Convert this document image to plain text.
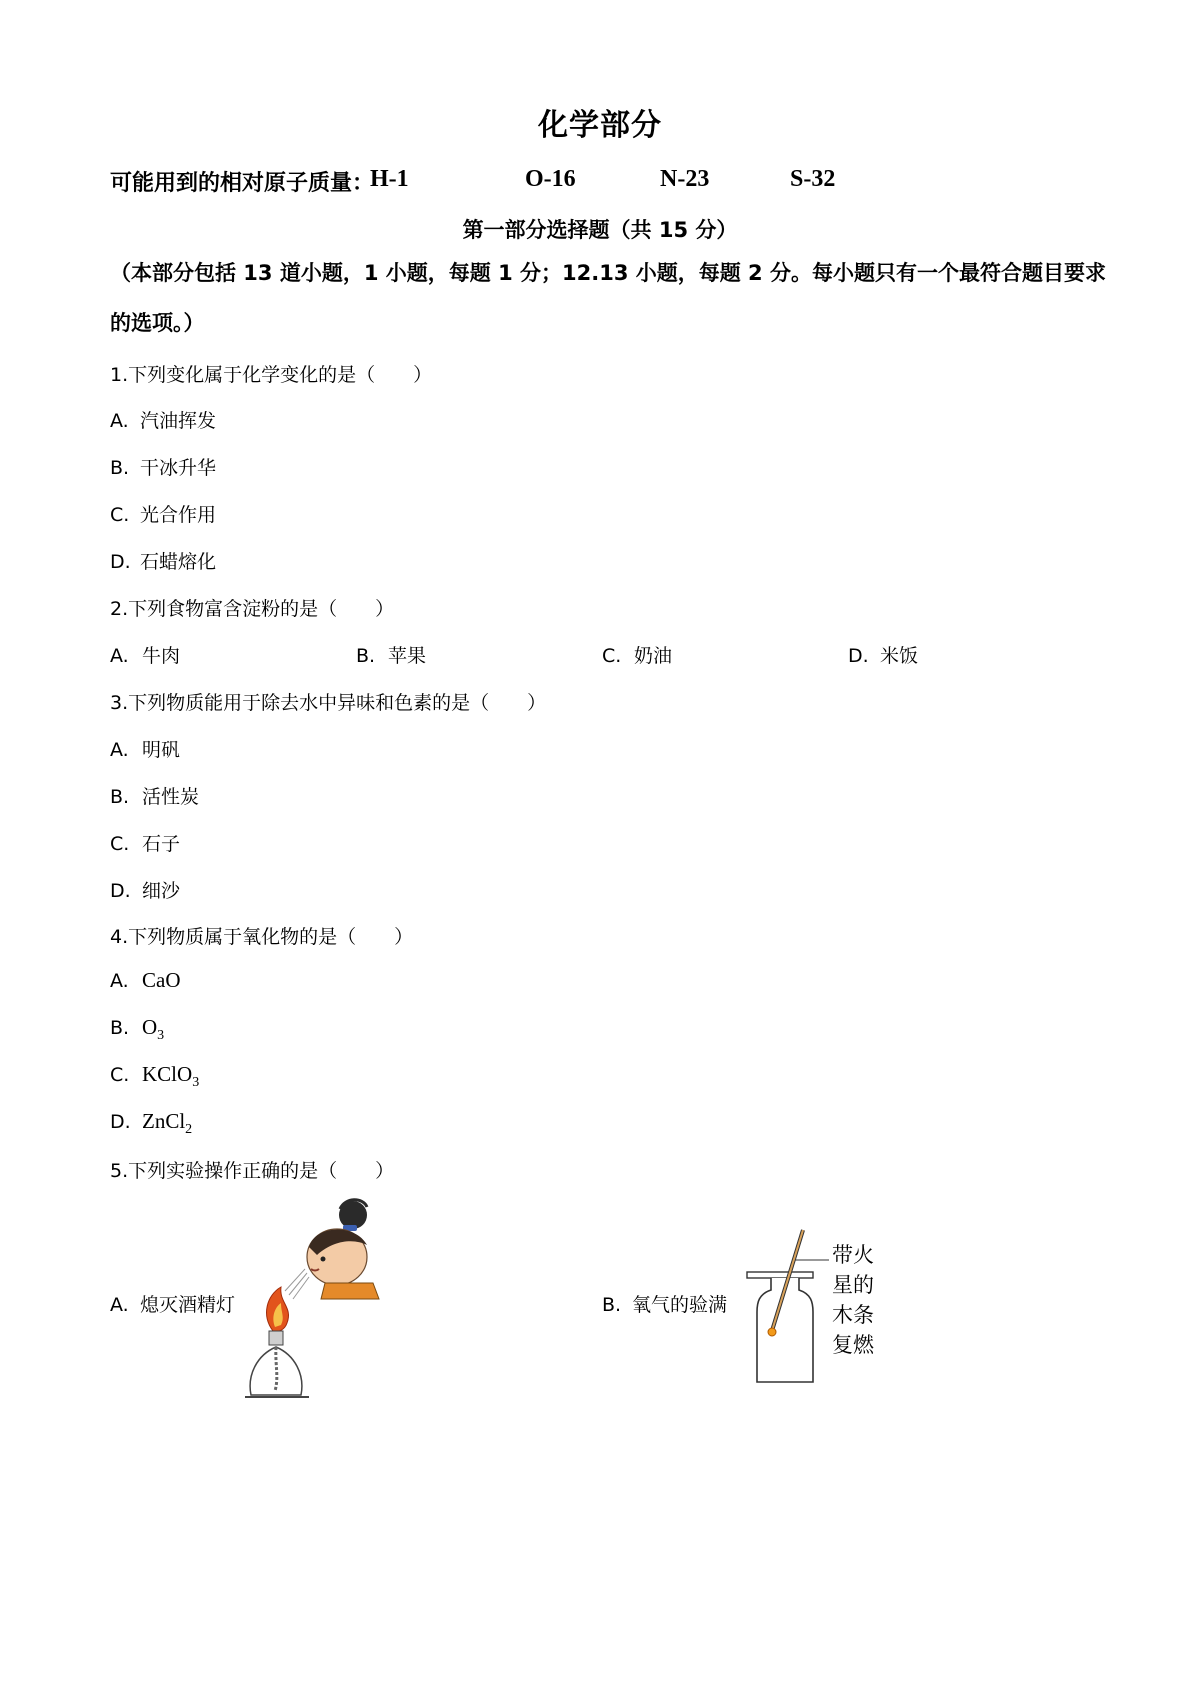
化学部分
可能用到的相对原子质量：
H-1	O-16	N-23	S-32
第一部分选择题（共 15 分）
（本部分包括 13 道小题，1 小题，每题 1 分；12.13 小题，每题 2 分。每小题只有一个最符合题目要求的选项。）
1.下列变化属于化学变化的是（　　）
A. 汽油挥发
B. 干冰升华
C. 光合作用
D. 石蜡熔化
2.下列食物富含淀粉的是（　　）
A. 牛肉	B. 苹果	C. 奶油	D. 米饭
3.下列物质能用于除去水中异味和色素的是（　　）
A. 明矾
B. 活性炭
C. 石子
D. 细沙
4.下列物质属于氧化物的是（　　）
A. CaO
B. $O_3$
C. KClO$_3$
D. ZnCl$_2$
5.下列实验操作正确的是（　　）
A. 熄灭酒精灯	B. 氧气的验满
带火
星的
木条
复燃
